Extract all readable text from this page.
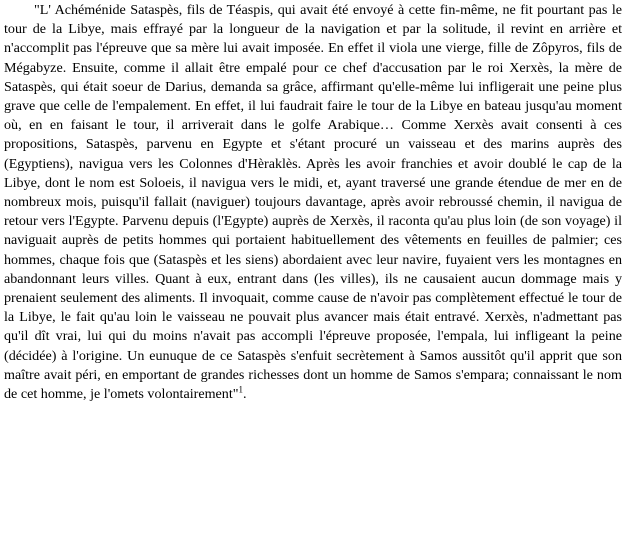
"L' Achéménide Sataspès, fils de Téaspis, qui avait été envoyé à cette fin-même, ne fit pourtant pas le tour de la Libye, mais effrayé par la longueur de la navigation et par la solitude, il revint en arrière et n'accomplit pas l'épreuve que sa mère lui avait imposée. En effet il viola une vierge, fille de Zôpyros, fils de Mégabyze. Ensuite, comme il allait être empalé pour ce chef d'accusation par le roi Xerxès, la mère de Sataspès, qui était soeur de Darius, demanda sa grâce, affirmant qu'elle-même lui infligerait une peine plus grave que celle de l'empalement. En effet, il lui faudrait faire le tour de la Libye en bateau jusqu'au moment où, en en faisant le tour, il arriverait dans le golfe Arabique… Comme Xerxès avait consenti à ces propositions, Sataspès, parvenu en Egypte et s'étant procuré un vaisseau et des marins auprès des (Egyptiens), navigua vers les Colonnes d'Hèraklès. Après les avoir franchies et avoir doublé le cap de la Libye, dont le nom est Soloeis, il navigua vers le midi, et, ayant traversé une grande étendue de mer en de nombreux mois, puisqu'il fallait (naviguer) toujours davantage, après avoir rebroussé chemin, il navigua de retour vers l'Egypte. Parvenu depuis (l'Egypte) auprès de Xerxès, il raconta qu'au plus loin (de son voyage) il naviguait auprès de petits hommes qui portaient habituellement des vêtements en feuilles de palmier; ces hommes, chaque fois que (Sataspès et les siens) abordaient avec leur navire, fuyaient vers les montagnes en abandonnant leurs villes. Quant à eux, entrant dans (les villes), ils ne causaient aucun dommage mais y prenaient seulement des aliments. Il invoquait, comme cause de n'avoir pas complètement effectué le tour de la Libye, le fait qu'au loin le vaisseau ne pouvait plus avancer mais était entravé. Xerxès, n'admettant pas qu'il dît vrai, lui qui du moins n'avait pas accompli l'épreuve proposée, l'empala, lui infligeant la peine (décidée) à l'origine. Un eunuque de ce Sataspès s'enfuit secrètement à Samos aussitôt qu'il apprit que son maître avait péri, en emportant de grandes richesses dont un homme de Samos s'empara; connaissant le nom de cet homme, je l'omets volontairement"$^1$.
